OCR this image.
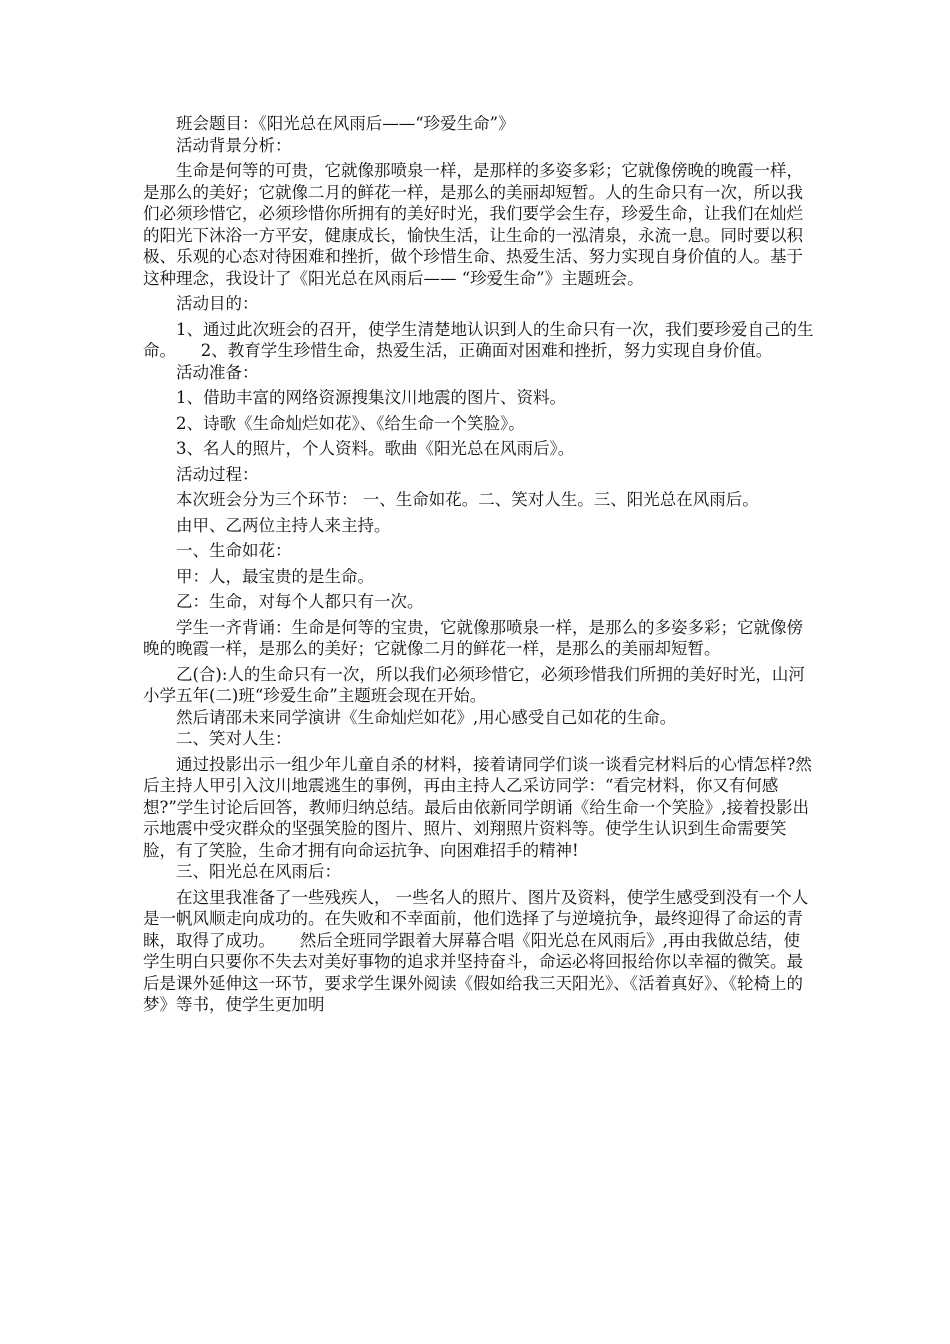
班会题目：《阳光总在风雨后——“珍爱生命”》

活动背景分析：

生命是何等的可贵，它就像那喷泉一样，是那样的多姿多彩；它就像傍晚的晚霞一样，是那么的美好；它就像二月的鲜花一样，是那么的美丽却短暂。人的生命只有一次，所以我们必须珍惜它，必须珍惜你所拥有的美好时光，我们要学会生存，珍爱生命，让我们在灿烂的阳光下沐浴一方平安，健康成长，愉快生活，让生命的一泓清泉，永流一息。同时要以积极、乐观的心态对待困难和挫折，做个珍惜生命、热爱生活、努力实现自身价值的人。基于这种理念，我设计了《阳光总在风雨后—— “珍爱生命”》主题班会。

活动目的：

1、通过此次班会的召开，使学生清楚地认识到人的生命只有一次，我们要珍爱自己的生命。　　2、教育学生珍惜生命，热爱生活，正确面对困难和挫折，努力实现自身价值。

活动准备：

1、借助丰富的网络资源搜集汶川地震的图片、资料。

2、诗歌《生命灿烂如花》、《给生命一个笑脸》。

3、名人的照片，个人资料。歌曲《阳光总在风雨后》。

活动过程：

本次班会分为三个环节： 一、生命如花。二、笑对人生。三、阳光总在风雨后。

由甲、乙两位主持人来主持。

一、生命如花：

甲：人，最宝贵的是生命。

乙：生命，对每个人都只有一次。

学生一齐背诵：生命是何等的宝贵，它就像那喷泉一样，是那么的多姿多彩；它就像傍晚的晚霞一样，是那么的美好；它就像二月的鲜花一样，是那么的美丽却短暂。

乙(合):人的生命只有一次，所以我们必须珍惜它，必须珍惜我们所拥的美好时光，山河小学五年(二)班“珍爱生命”主题班会现在开始。

然后请邵未来同学演讲《生命灿烂如花》,用心感受自己如花的生命。

二、笑对人生：

通过投影出示一组少年儿童自杀的材料，接着请同学们谈一谈看完材料后的心情怎样?然后主持人甲引入汶川地震逃生的事例，再由主持人乙采访同学：“看完材料，你又有何感想?”学生讨论后回答，教师归纳总结。最后由依新同学朗诵《给生命一个笑脸》,接着投影出示地震中受灾群众的坚强笑脸的图片、照片、刘翔照片资料等。使学生认识到生命需要笑脸，有了笑脸，生命才拥有向命运抗争、向困难招手的精神!

三、阳光总在风雨后：

在这里我准备了一些残疾人， 一些名人的照片、图片及资料，使学生感受到没有一个人是一帆风顺走向成功的。在失败和不幸面前，他们选择了与逆境抗争，最终迎得了命运的青睐，取得了成功。　　然后全班同学跟着大屏幕合唱《阳光总在风雨后》,再由我做总结，使学生明白只要你不失去对美好事物的追求并坚持奋斗，命运必将回报给你以幸福的微笑。最后是课外延伸这一环节，要求学生课外阅读《假如给我三天阳光》、《活着真好》、《轮椅上的梦》等书，使学生更加明
